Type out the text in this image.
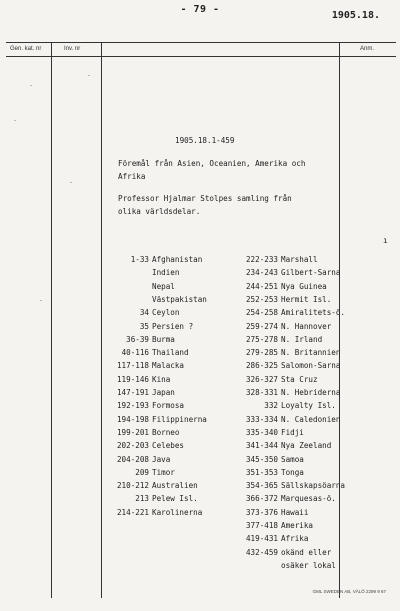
- 79 -
1905.18.
Gen. kat. nr	Inv. nr	Anm.
1905.18.1-459
Föremål från Asien, Oceanien, Amerika och
Afrika
Professor Hjalmar Stolpes samling från
olika världsdelar.
1-33 Afghanistan
Indien
Nepal
Västpakistan
34 Ceylon
35 Persien ?
36-39 Burma
40-116 Thailand
117-118 Malacka
119-146 Kina
147-191 Japan
192-193 Formosa
194-198 Filippinerna
199-201 Borneo
202-203 Celebes
204-208 Java
209 Timor
210-212 Australien
213 Pelew Isl.
214-221 Karolinerna
222-233 Marshall
234-243 Gilbert-Sarna
244-251 Nya Guinea
252-253 Hermit Isl.
254-258 Amiralitets-ö.
259-274 N. Hannover
275-278 N. Irland
279-285 N. Britannien
286-325 Salomon-Sarna
326-327 Sta Cruz
328-331 N. Hebriderna
332 Loyalty Isl.
333-334 N. Caledonien
335-340 Fidji
341-344 Nya Zeeland
345-350 Samoa
351-353 Tonga
354-365 Sällskapsöarna
366-372 Marquesas-ö.
373-376 Hawaii
377-418 Amerika
419-431 Afrika
432-459 okänd eller
osäker lokal
ı
GML SWEDEN AB, VÄLÖ 2299 9 67
